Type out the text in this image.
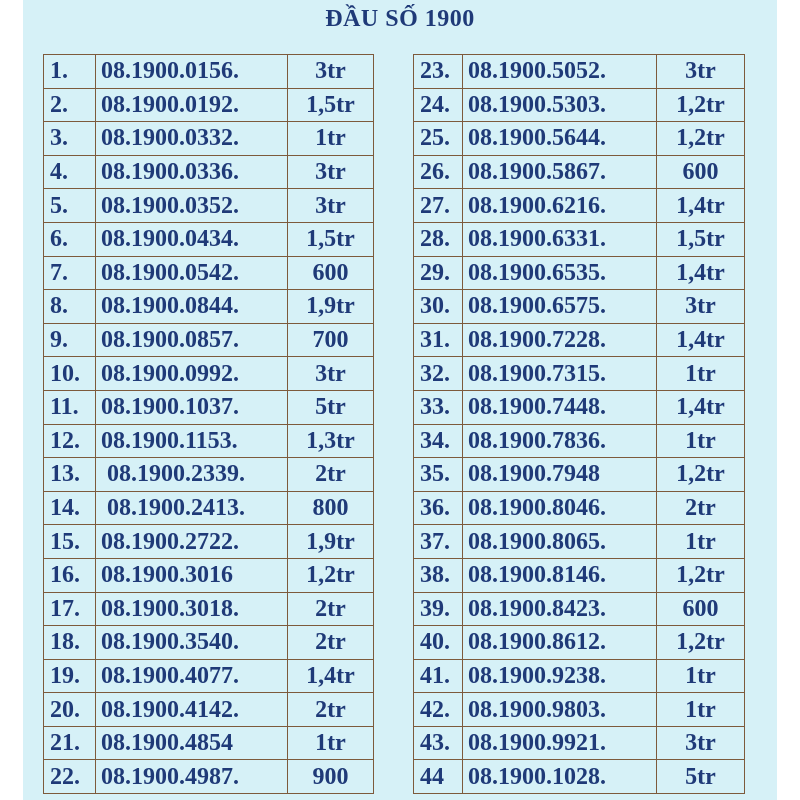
ĐẦU SỐ 1900
1.	08.1900.0156.	3tr
2.	08.1900.0192.	1,5tr
3.	08.1900.0332.	1tr
4.	08.1900.0336.	3tr
5.	08.1900.0352.	3tr
6.	08.1900.0434.	1,5tr
7.	08.1900.0542.	600
8.	08.1900.0844.	1,9tr
9.	08.1900.0857.	700
10.	08.1900.0992.	3tr
11.	08.1900.1037.	5tr
12.	08.1900.1153.	1,3tr
13.	08.1900.2339.	2tr
14.	08.1900.2413.	800
15.	08.1900.2722.	1,9tr
16.	08.1900.3016	1,2tr
17.	08.1900.3018.	2tr
18.	08.1900.3540.	2tr
19.	08.1900.4077.	1,4tr
20.	08.1900.4142.	2tr
21.	08.1900.4854	1tr
22.	08.1900.4987.	900
23.	08.1900.5052.	3tr
24.	08.1900.5303.	1,2tr
25.	08.1900.5644.	1,2tr
26.	08.1900.5867.	600
27.	08.1900.6216.	1,4tr
28.	08.1900.6331.	1,5tr
29.	08.1900.6535.	1,4tr
30.	08.1900.6575.	3tr
31.	08.1900.7228.	1,4tr
32.	08.1900.7315.	1tr
33.	08.1900.7448.	1,4tr
34.	08.1900.7836.	1tr
35.	08.1900.7948	1,2tr
36.	08.1900.8046.	2tr
37.	08.1900.8065.	1tr
38.	08.1900.8146.	1,2tr
39.	08.1900.8423.	600
40.	08.1900.8612.	1,2tr
41.	08.1900.9238.	1tr
42.	08.1900.9803.	1tr
43.	08.1900.9921.	3tr
44	08.1900.1028.	5tr
